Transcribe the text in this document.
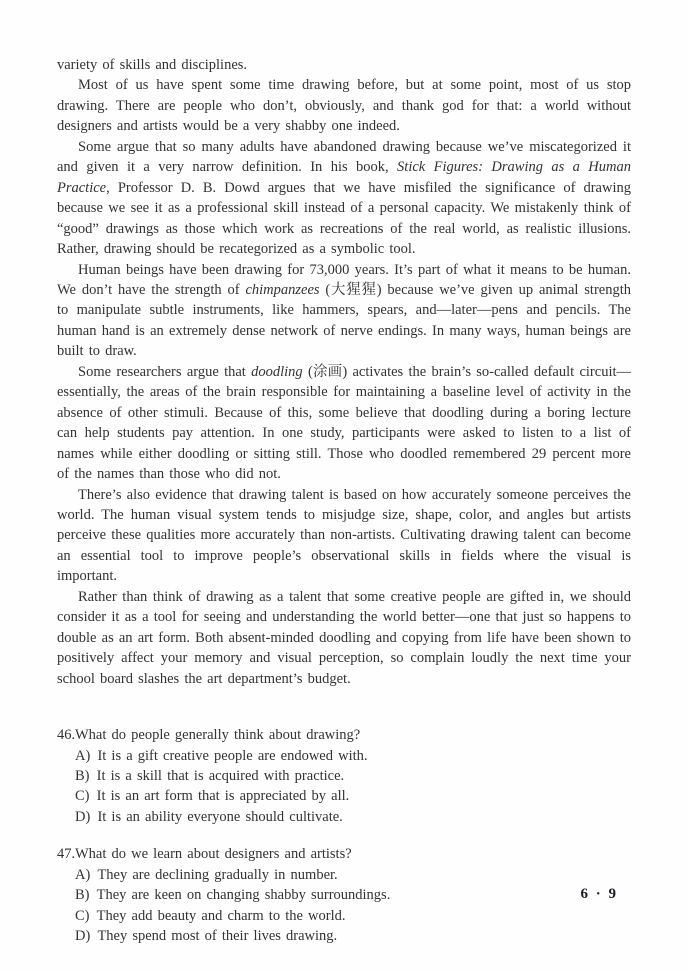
variety of skills and disciplines.

Most of us have spent some time drawing before, but at some point, most of us stop drawing. There are people who don’t, obviously, and thank god for that: a world without designers and artists would be a very shabby one indeed.

Some argue that so many adults have abandoned drawing because we’ve miscategorized it and given it a very narrow definition. In his book, Stick Figures: Drawing as a Human Practice, Professor D. B. Dowd argues that we have misfiled the significance of drawing because we see it as a professional skill instead of a personal capacity. We mistakenly think of “good” drawings as those which work as recreations of the real world, as realistic illusions. Rather, drawing should be recategorized as a symbolic tool.

Human beings have been drawing for 73,000 years. It’s part of what it means to be human. We don’t have the strength of chimpanzees (大猩猩) because we’ve given up animal strength to manipulate subtle instruments, like hammers, spears, and—later—pens and pencils. The human hand is an extremely dense network of nerve endings. In many ways, human beings are built to draw.

Some researchers argue that doodling (涂画) activates the brain’s so-called default circuit—essentially, the areas of the brain responsible for maintaining a baseline level of activity in the absence of other stimuli. Because of this, some believe that doodling during a boring lecture can help students pay attention. In one study, participants were asked to listen to a list of names while either doodling or sitting still. Those who doodled remembered 29 percent more of the names than those who did not.

There’s also evidence that drawing talent is based on how accurately someone perceives the world. The human visual system tends to misjudge size, shape, color, and angles but artists perceive these qualities more accurately than non-artists. Cultivating drawing talent can become an essential tool to improve people’s observational skills in fields where the visual is important.

Rather than think of drawing as a talent that some creative people are gifted in, we should consider it as a tool for seeing and understanding the world better—one that just so happens to double as an art form. Both absent-minded doodling and copying from life have been shown to positively affect your memory and visual perception, so complain loudly the next time your school board slashes the art department’s budget.

46.What do people generally think about drawing?
A) It is a gift creative people are endowed with.
B) It is a skill that is acquired with practice.
C) It is an art form that is appreciated by all.
D) It is an ability everyone should cultivate.
47.What do we learn about designers and artists?
A) They are declining gradually in number.
B) They are keen on changing shabby surroundings.
C) They add beauty and charm to the world.
D) They spend most of their lives drawing.
6 · 9
